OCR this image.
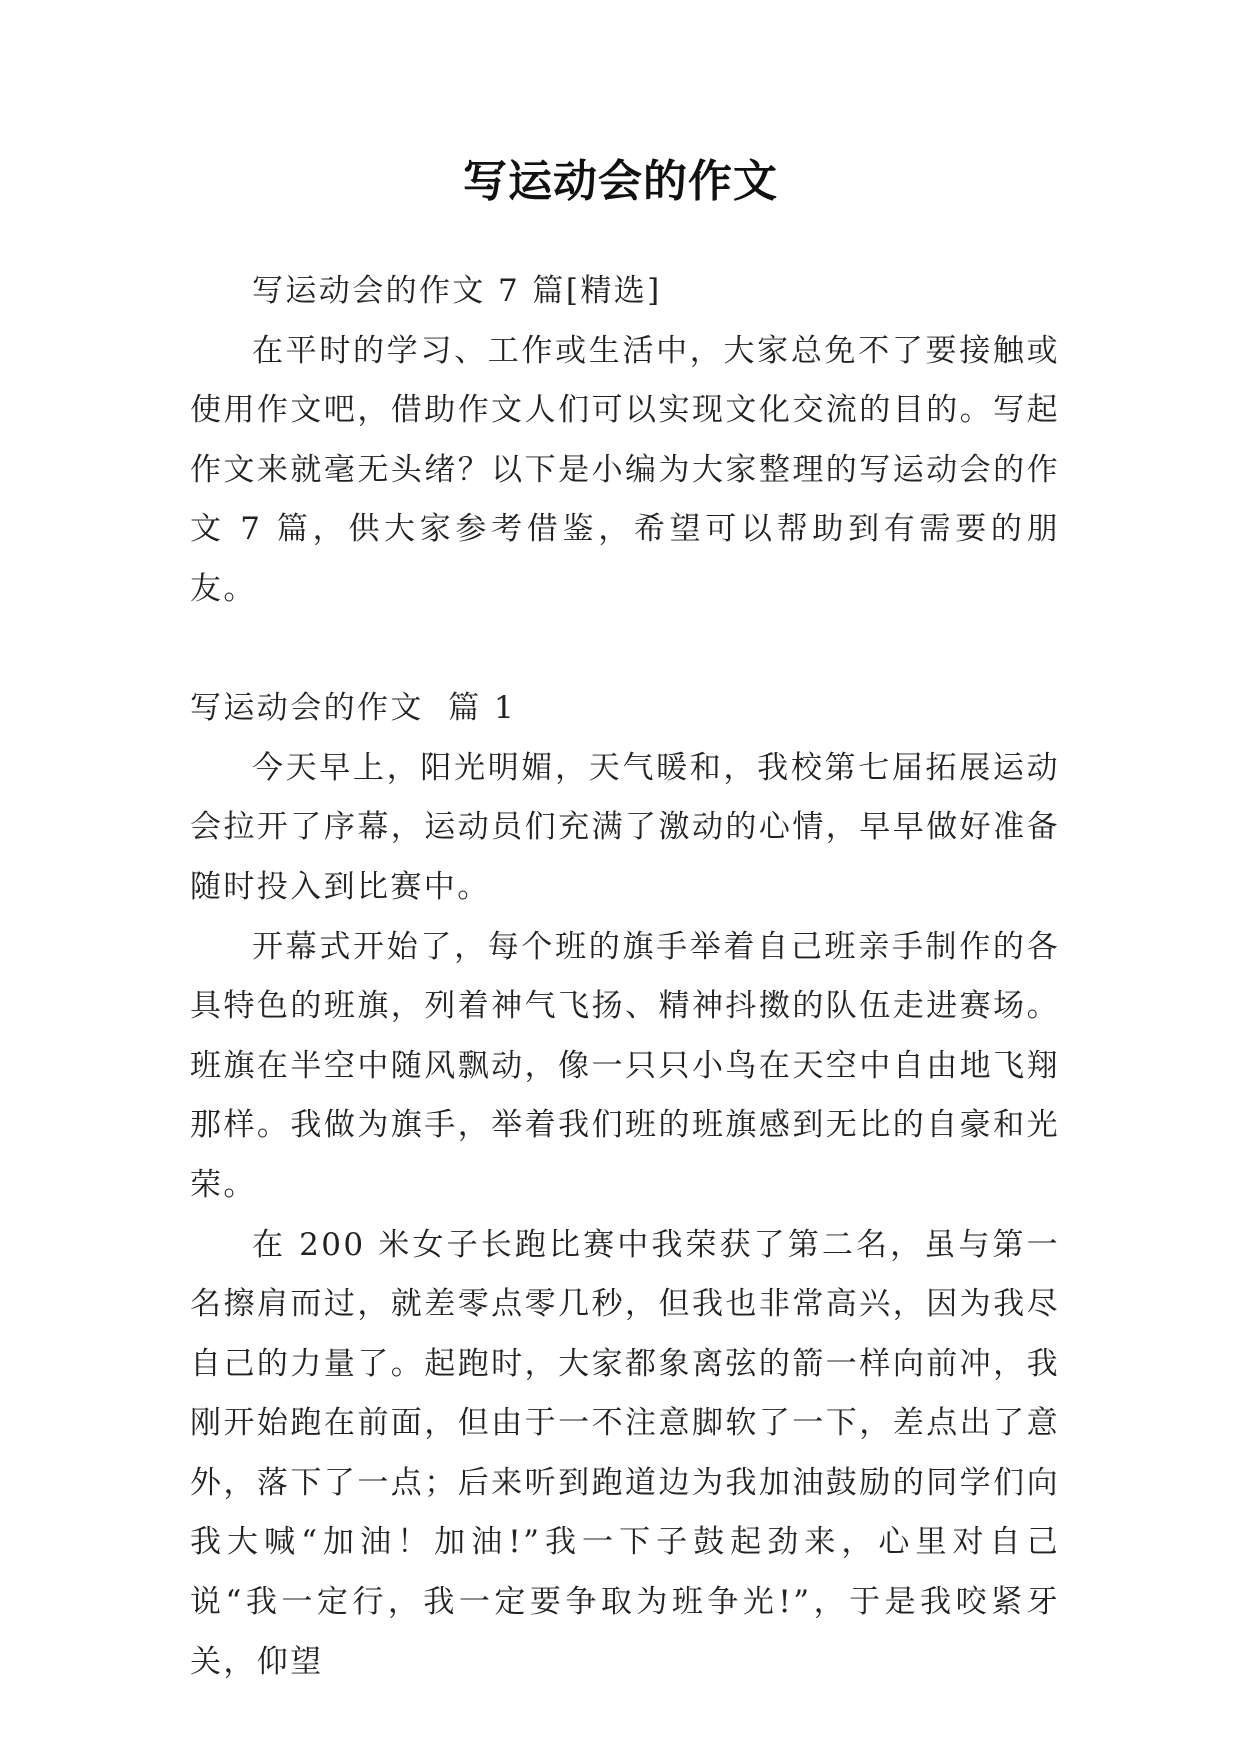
写运动会的作文

写运动会的作文 7 篇[精选]

在平时的学习、工作或生活中，大家总免不了要接触或使用作文吧，借助作文人们可以实现文化交流的目的。写起作文来就毫无头绪？以下是小编为大家整理的写运动会的作文 7 篇，供大家参考借鉴，希望可以帮助到有需要的朋友。

写运动会的作文  篇 1

今天早上，阳光明媚，天气暖和，我校第七届拓展运动会拉开了序幕，运动员们充满了激动的心情，早早做好准备随时投入到比赛中。

开幕式开始了，每个班的旗手举着自己班亲手制作的各具特色的班旗，列着神气飞扬、精神抖擞的队伍走进赛场。班旗在半空中随风飘动，像一只只小鸟在天空中自由地飞翔那样。我做为旗手，举着我们班的班旗感到无比的自豪和光荣。

在 200 米女子长跑比赛中我荣获了第二名，虽与第一名擦肩而过，就差零点零几秒，但我也非常高兴，因为我尽自己的力量了。起跑时，大家都象离弦的箭一样向前冲，我刚开始跑在前面，但由于一不注意脚软了一下，差点出了意外，落下了一点；后来听到跑道边为我加油鼓励的同学们向我大喊“加油！加油!”我一下子鼓起劲来，心里对自己说“我一定行，我一定要争取为班争光!”，于是我咬紧牙关，仰望
